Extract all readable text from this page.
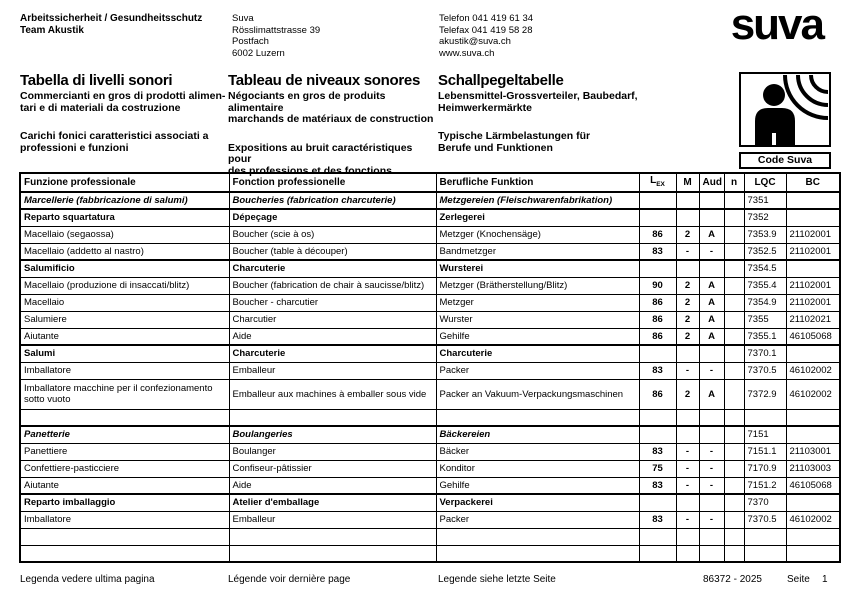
Arbeitssicherheit / Gesundheitsschutz
Team Akustik
Suva
Rösslimattstrasse 39
Postfach
6002 Luzern
Telefon 041 419 61 34
Telefax 041 419 58 28
akustik@suva.ch
www.suva.ch
suva
Tabella di livelli sonori
Commercianti en gros di prodotti alimen-
tari e di materiali da costruzione
Carichi fonici caratteristici associati a
professioni e funzioni
Tableau de niveaux sonores
Négociants en gros de produits alimentaire
marchands de matériaux de construction
Expositions au bruit caractéristiques pour
des professions et des fonctions
Schallpegeltabelle
Lebensmittel-Grossverteiler, Baubedarf,
Heimwerkermärkte
Typische Lärmbelastungen für
Berufe und Funktionen
Code Suva
Funzione professionale	Fonction professionelle	Berufliche Funktion	$L_{EX}$	M	Aud	n	LQC	BC
Marcellerie (fabbricazione di salumi)	Boucheries (fabrication charcuterie)	Metzgereien (Fleischwarenfabrikation)					7351	
Reparto squartatura	Dépeçage	Zerlegerei					7352	
Macellaio (segaossa)	Boucher (scie à os)	Metzger (Knochensäge)	86	2	A		7353.9	21102001
Macellaio (addetto al nastro)	Boucher (table à découper)	Bandmetzger	83	-	-		7352.5	21102001
Salumificio	Charcuterie	Wursterei					7354.5	
Macellaio (produzione di insaccati/blitz)	Boucher (fabrication de chair à saucisse/blitz)	Metzger (Brätherstellung/Blitz)	90	2	A		7355.4	21102001
Macellaio	Boucher - charcutier	Metzger	86	2	A		7354.9	21102001
Salumiere	Charcutier	Wurster	86	2	A		7355	21102021
Aiutante	Aide	Gehilfe	86	2	A		7355.1	46105068
Salumi	Charcuterie	Charcuterie					7370.1	
Imballatore	Emballeur	Packer	83	-	-		7370.5	46102002
Imballatore macchine per il confezionamento sotto vuoto	Emballeur aux machines à emballer sous vide	Packer an Vakuum-Verpackungsmaschinen	86	2	A		7372.9	46102002

Panetterie	Boulangeries	Bäckereien					7151	
Panettiere	Boulanger	Bäcker	83	-	-		7151.1	21103001
Confettiere-pasticciere	Confiseur-pâtissier	Konditor	75	-	-		7170.9	21103003
Aiutante	Aide	Gehilfe	83	-	-		7151.2	46105068
Reparto imballaggio	Atelier d'emballage	Verpackerei					7370	
Imballatore	Emballeur	Packer	83	-	-		7370.5	46102002

Legenda vedere ultima pagina	Légende voir dernière page	Legende siehe letzte Seite	86372 - 2025	Seite 1
